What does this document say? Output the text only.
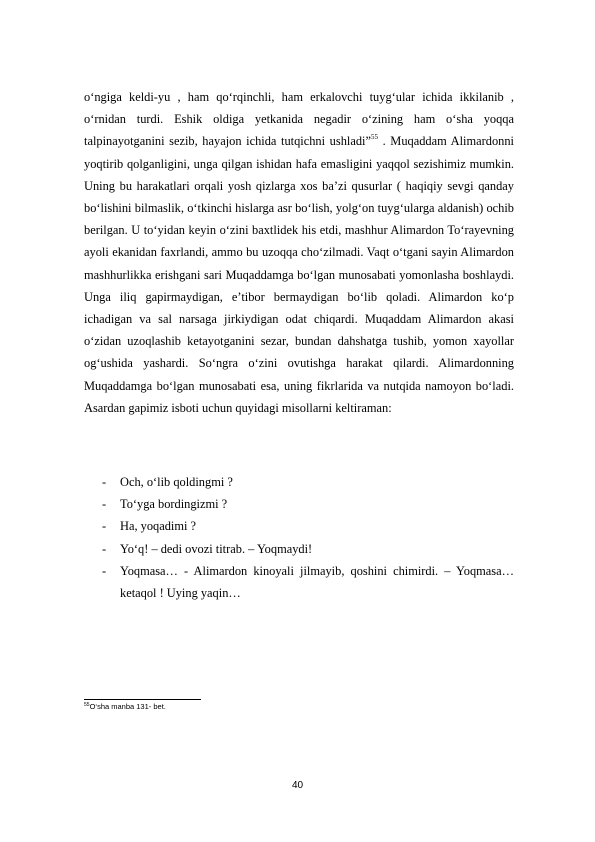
o‘ngiga keldi-yu , ham qo‘rqinchli, ham erkalovchi tuyg‘ular ichida ikkilanib , o‘rnidan turdi. Eshik oldiga yetkanida negadir o‘zining ham o‘sha yoqqa talpinayotganini sezib, hayajon ichida tutqichni ushladi”$^{55}$ . Muqaddam Alimardonni yoqtirib qolganligini, unga qilgan ishidan hafa emasligini yaqqol sezishimiz mumkin. Uning bu harakatlari orqali yosh qizlarga xos ba’zi qusurlar ( haqiqiy sevgi qanday bo‘lishini bilmaslik, o‘tkinchi hislarga asr bo‘lish, yolg‘on tuyg‘ularga aldanish) ochib berilgan. U to‘yidan keyin o‘zini baxtlidek his etdi, mashhur Alimardon To‘rayevning ayoli ekanidan faxrlandi, ammo bu uzoqqa cho‘zilmadi. Vaqt o‘tgani sayin Alimardon mashhurlikka erishgani sari Muqaddamga bo‘lgan munosabati yomonlasha boshlaydi. Unga iliq gapirmaydigan, e’tibor bermaydigan bo‘lib qoladi. Alimardon ko‘p ichadigan va sal narsaga jirkiydigan odat chiqardi. Muqaddam Alimardon akasi o‘zidan uzoqlashib ketayotganini sezar, bundan dahshatga tushib, yomon xayollar og‘ushida yashardi. So‘ngra o‘zini ovutishga harakat qilardi. Alimardonning Muqaddamga bo‘lgan munosabati esa, uning fikrlarida va nutqida namoyon bo‘ladi. Asardan gapimiz isboti uchun quyidagi misollarni keltiraman:

- Och, o‘lib qoldingmi ?
- To‘yga bordingizmi ?
- Ha, yoqadimi ?
- Yo‘q! – dedi ovozi titrab. – Yoqmaydi!
- Yoqmasa… - Alimardon kinoyali jilmayib, qoshini chimirdi. – Yoqmasa… ketaqol ! Uying yaqin…
$^{55}$O‘sha manba 131- bet.
40
